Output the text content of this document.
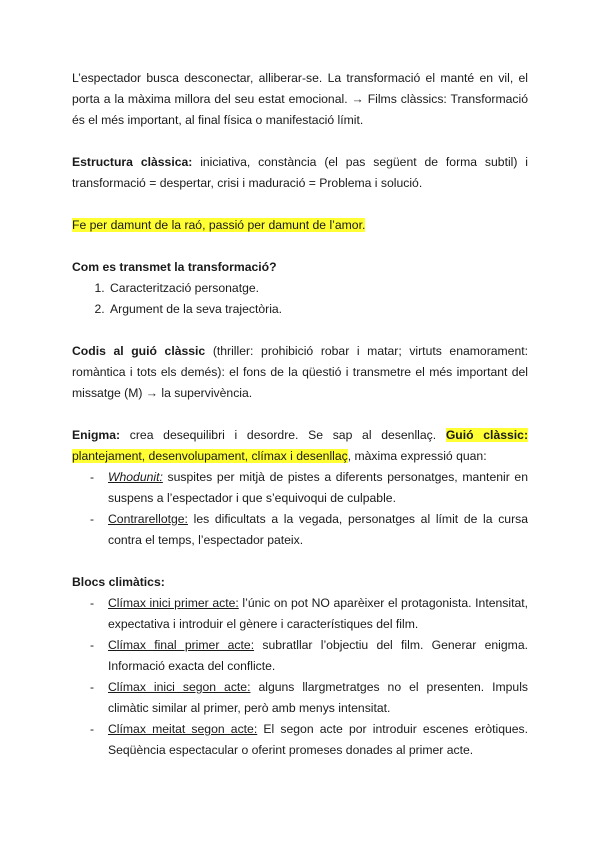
L’espectador busca desconectar, alliberar-se. La transformació el manté en vil, el porta a la màxima millora del seu estat emocional. → Films clàssics: Transformació és el més important, al final física o manifestació límit.

Estructura clàssica: iniciativa, constància (el pas següent de forma subtil) i transformació = despertar, crisi i maduració = Problema i solució.

Fe per damunt de la raó, passió per damunt de l’amor.

Com es transmet la transformació?
1. Caracterització personatge.
2. Argument de la seva trajectòria.

Codis al guió clàssic (thriller: prohibició robar i matar; virtuts enamorament: romàntica i tots els demés): el fons de la qüestió i transmetre el més important del missatge (M) → la supervivència.

Enigma: crea desequilibri i desordre. Se sap al desenllaç. Guió clàssic: plantejament, desenvolupament, clímax i desenllaç, màxima expressió quan:

- Whodunit: suspites per mitjà de pistes a diferents personatges, mantenir en suspens a l’espectador i que s’equivoqui de culpable.
- Contrarellotge: les dificultats a la vegada, personatges al límit de la cursa contra el temps, l’espectador pateix.
Blocs climàtics:
- Clímax inici primer acte: l’únic on pot NO aparèixer el protagonista. Intensitat, expectativa i introduir el gènere i característiques del film.
- Clímax final primer acte: subratllar l’objectiu del film. Generar enigma. Informació exacta del conflicte.
- Clímax inici segon acte: alguns llargmetratges no el presenten. Impuls climàtic similar al primer, però amb menys intensitat.
- Clímax meitat segon acte: El segon acte por introduir escenes eròtiques. Seqüència espectacular o oferint promeses donades al primer acte.
